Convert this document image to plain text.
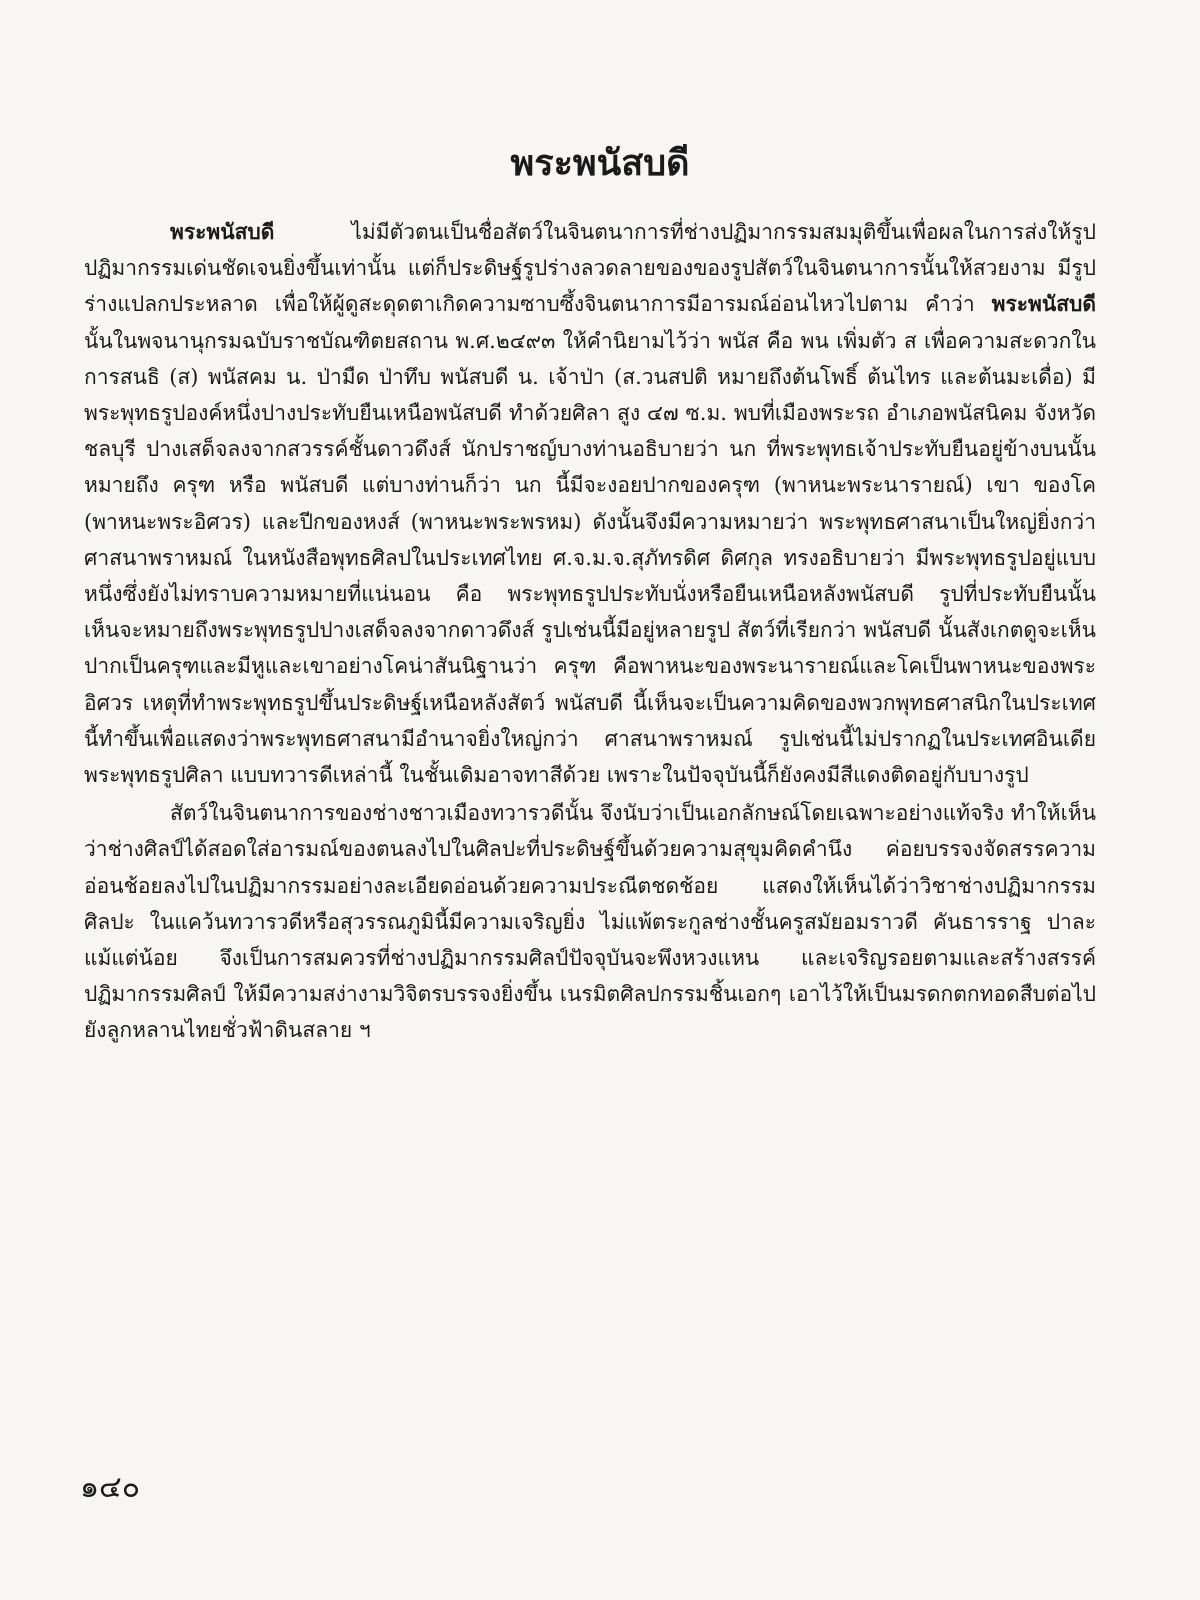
พระพนัสบดี

พระพนัสบดี ไม่มีตัวตนเป็นชื่อสัตว์ในจินตนาการที่ช่างปฏิมากรรมสมมุติขึ้นเพื่อผลในการส่งให้รูปปฏิมากรรมเด่นชัดเจนยิ่งขึ้นเท่านั้น แต่ก็ประดิษฐ์รูปร่างลวดลายของของรูปสัตว์ในจินตนาการนั้นให้สวยงาม มีรูปร่างแปลกประหลาด เพื่อให้ผู้ดูสะดุดตาเกิดความซาบซึ้งจินตนาการมีอารมณ์อ่อนไหวไปตาม คำว่า พระพนัสบดี นั้นในพจนานุกรมฉบับราชบัณฑิตยสถาน พ.ศ.๒๔๙๓ ให้คำนิยามไว้ว่า พนัส คือ พน เพิ่มตัว ส เพื่อความสะดวกในการสนธิ (ส) พนัสคม น. ป่ามืด ป่าทึบ พนัสบดี น. เจ้าป่า (ส.วนสปติ หมายถึงต้นโพธิ์ ต้นไทร และต้นมะเดื่อ) มีพระพุทธรูปองค์หนึ่งปางประทับยืนเหนือพนัสบดี ทำด้วยศิลา สูง ๔๗ ซ.ม. พบที่เมืองพระรถ อำเภอพนัสนิคม จังหวัดชลบุรี ปางเสด็จลงจากสวรรค์ชั้นดาวดึงส์ นักปราชญ์บางท่านอธิบายว่า นก ที่พระพุทธเจ้าประทับยืนอยู่ข้างบนนั้น หมายถึง ครุฑ หรือ พนัสบดี แต่บางท่านก็ว่า นก นี้มีจะงอยปากของครุฑ (พาหนะพระนารายณ์) เขา ของโค (พาหนะพระอิศวร) และปีกของหงส์ (พาหนะพระพรหม) ดังนั้นจึงมีความหมายว่า พระพุทธศาสนาเป็นใหญ่ยิ่งกว่าศาสนาพราหมณ์ ในหนังสือพุทธศิลปในประเทศไทย ศ.จ.ม.จ.สุภัทรดิศ ดิศกุล ทรงอธิบายว่า มีพระพุทธรูปอยู่แบบหนึ่งซึ่งยังไม่ทราบความหมายที่แน่นอน คือ พระพุทธรูปประทับนั่งหรือยืนเหนือหลังพนัสบดี รูปที่ประทับยืนนั้นเห็นจะหมายถึงพระพุทธรูปปางเสด็จลงจากดาวดึงส์ รูปเช่นนี้มีอยู่หลายรูป สัตว์ที่เรียกว่า พนัสบดี นั้นสังเกตดูจะเห็นปากเป็นครุฑและมีหูและเขาอย่างโคน่าสันนิฐานว่า ครุฑ คือพาหนะของพระนารายณ์และโคเป็นพาหนะของพระอิศวร เหตุที่ทำพระพุทธรูปขึ้นประดิษฐ์เหนือหลังสัตว์ พนัสบดี นี้เห็นจะเป็นความคิดของพวกพุทธศาสนิกในประเทศนี้ทำขึ้นเพื่อแสดงว่าพระพุทธศาสนามีอำนาจยิ่งใหญ่กว่า ศาสนาพราหมณ์ รูปเช่นนี้ไม่ปรากฏในประเทศอินเดีย พระพุทธรูปศิลา แบบทวารดีเหล่านี้ ในชั้นเดิมอาจทาสีด้วย เพราะในปัจจุบันนี้ก็ยังคงมีสีแดงติดอยู่กับบางรูป

สัตว์ในจินตนาการของช่างชาวเมืองทวารวดีนั้น จึงนับว่าเป็นเอกลักษณ์โดยเฉพาะอย่างแท้จริง ทำให้เห็นว่าช่างศิลป์ได้สอดใส่อารมณ์ของตนลงไปในศิลปะที่ประดิษฐ์ขึ้นด้วยความสุขุมคิดคำนึง ค่อยบรรจงจัดสรรความอ่อนช้อยลงไปในปฏิมากรรมอย่างละเอียดอ่อนด้วยความประณีตชดช้อย แสดงให้เห็นได้ว่าวิชาช่างปฏิมากรรมศิลปะ ในแคว้นทวารวดีหรือสุวรรณภูมินี้มีความเจริญยิ่ง ไม่แพ้ตระกูลช่างชั้นครูสมัยอมราวดี คันธารราฐ ปาละ แม้แต่น้อย จึงเป็นการสมควรที่ช่างปฏิมากรรมศิลป์ปัจจุบันจะพึงหวงแหน และเจริญรอยตามและสร้างสรรค์ปฏิมากรรมศิลป์ ให้มีความสง่างามวิจิตรบรรจงยิ่งขึ้น เนรมิตศิลปกรรมชิ้นเอกๆ เอาไว้ให้เป็นมรดกตกทอดสืบต่อไปยังลูกหลานไทยชั่วฟ้าดินสลาย ฯ

๑๔๐
